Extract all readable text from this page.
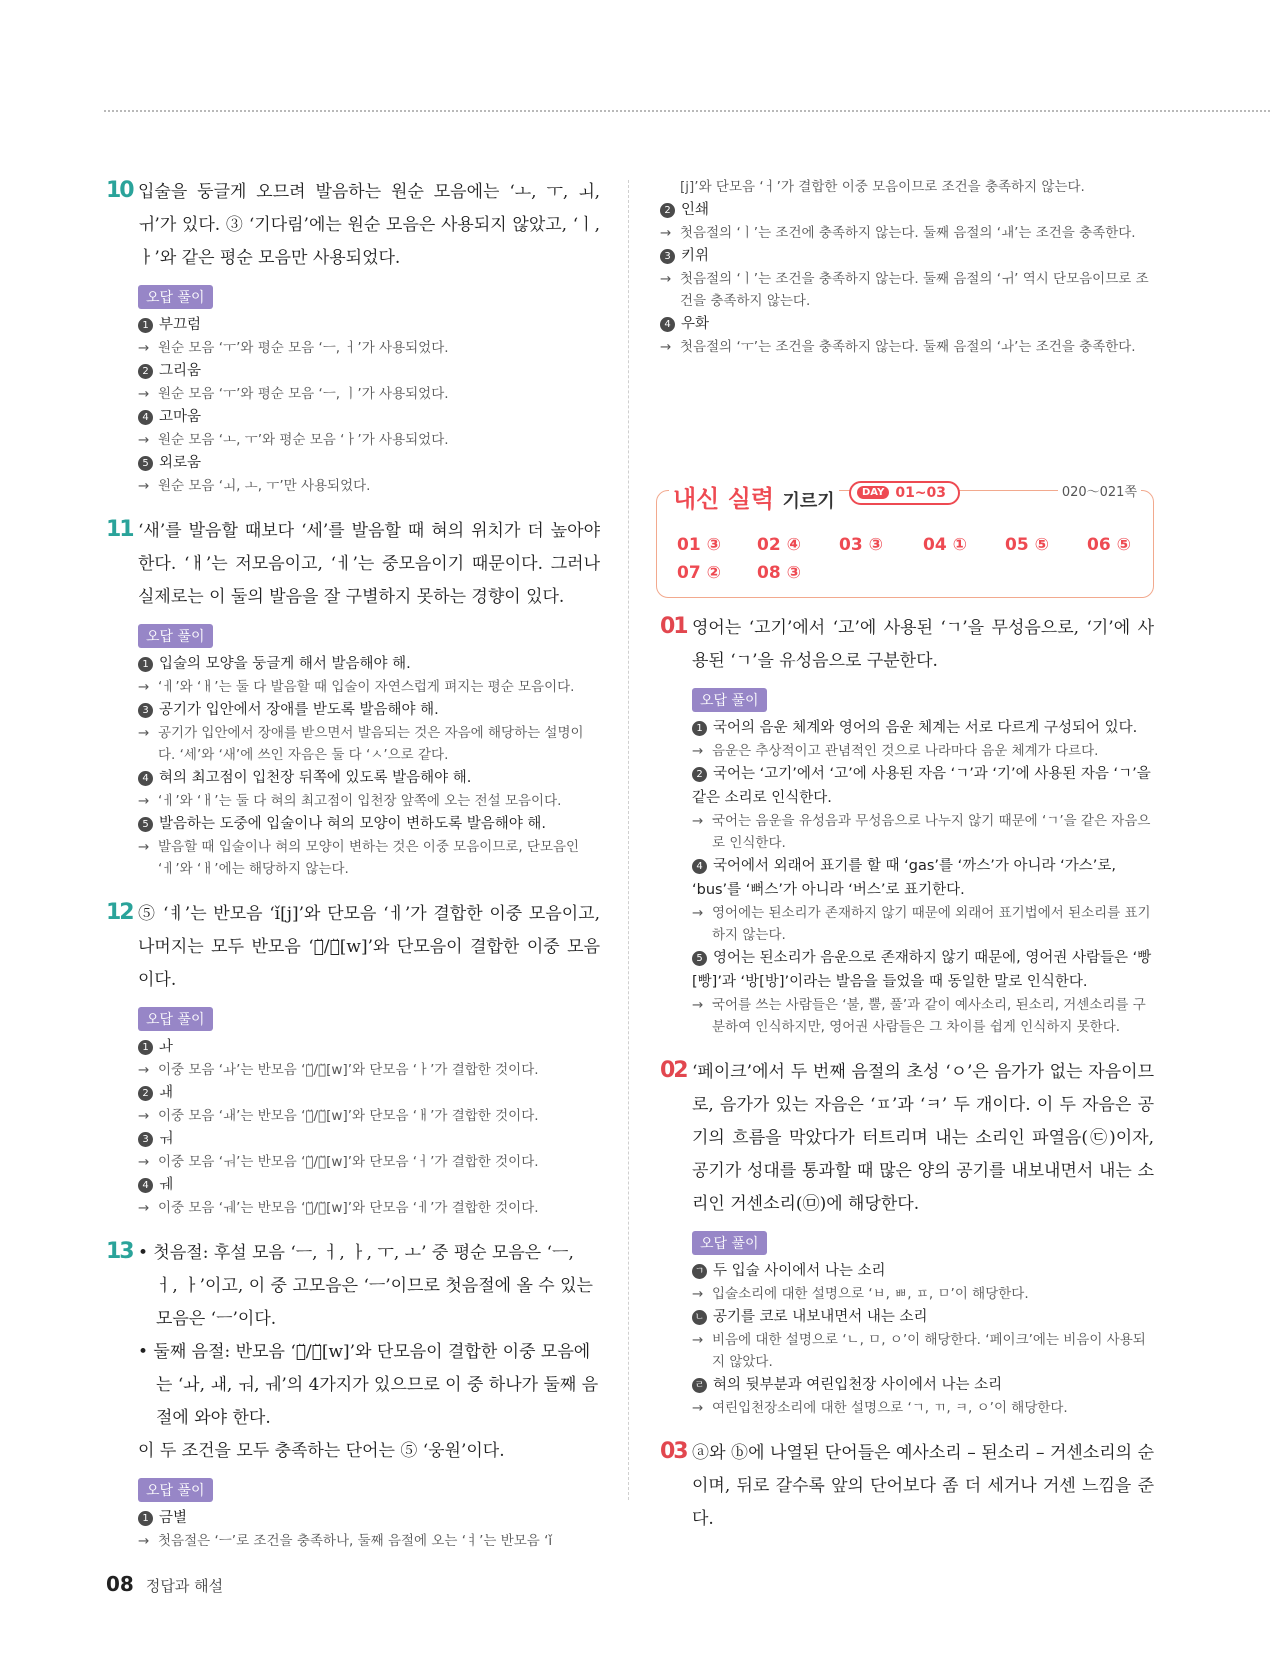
10 입술을 둥글게 오므려 발음하는 원순 모음에는 ‘ㅗ, ㅜ, ㅚ, ㅟ’가 있다. ③ ‘기다림’에는 원순 모음은 사용되지 않았고, ‘ㅣ, ㅏ’와 같은 평순 모음만 사용되었다.
오답 풀이
1 부끄럼
→ 원순 모음 ‘ㅜ’와 평순 모음 ‘ㅡ, ㅓ’가 사용되었다.
2 그리움
→ 원순 모음 ‘ㅜ’와 평순 모음 ‘ㅡ, ㅣ’가 사용되었다.
4 고마움
→ 원순 모음 ‘ㅗ, ㅜ’와 평순 모음 ‘ㅏ’가 사용되었다.
5 외로움
→ 원순 모음 ‘ㅚ, ㅗ, ㅜ’만 사용되었다.
11 ‘새’를 발음할 때보다 ‘세’를 발음할 때 혀의 위치가 더 높아야 한다. ‘ㅐ’는 저모음이고, ‘ㅔ’는 중모음이기 때문이다. 그러나 실제로는 이 둘의 발음을 잘 구별하지 못하는 경향이 있다.
오답 풀이
1 입술의 모양을 둥글게 해서 발음해야 해.
→ ‘ㅔ’와 ‘ㅐ’는 둘 다 발음할 때 입술이 자연스럽게 펴지는 평순 모음이다.
3 공기가 입안에서 장애를 받도록 발음해야 해.
→ 공기가 입안에서 장애를 받으면서 발음되는 것은 자음에 해당하는 설명이다. ‘세’와 ‘새’에 쓰인 자음은 둘 다 ‘ㅅ’으로 같다.
4 혀의 최고점이 입천장 뒤쪽에 있도록 발음해야 해.
→ ‘ㅔ’와 ‘ㅐ’는 둘 다 혀의 최고점이 입천장 앞쪽에 오는 전설 모음이다.
5 발음하는 도중에 입술이나 혀의 모양이 변하도록 발음해야 해.
→ 발음할 때 입술이나 혀의 모양이 변하는 것은 이중 모음이므로, 단모음인 ‘ㅔ’와 ‘ㅐ’에는 해당하지 않는다.
12 ⑤ ‘ㅖ’는 반모음 ‘ǐ[j]’와 단모음 ‘ㅔ’가 결합한 이중 모음이고, 나머지는 모두 반모음 ‘ㅗ̆/ㅜ̆[w]’와 단모음이 결합한 이중 모음이다.
오답 풀이
1 ㅘ
→ 이중 모음 ‘ㅘ’는 반모음 ‘ㅗ̆/ㅜ̆[w]’와 단모음 ‘ㅏ’가 결합한 것이다.
2 ㅙ
→ 이중 모음 ‘ㅙ’는 반모음 ‘ㅗ̆/ㅜ̆[w]’와 단모음 ‘ㅐ’가 결합한 것이다.
3 ㅝ
→ 이중 모음 ‘ㅝ’는 반모음 ‘ㅗ̆/ㅜ̆[w]’와 단모음 ‘ㅓ’가 결합한 것이다.
4 ㅞ
→ 이중 모음 ‘ㅞ’는 반모음 ‘ㅗ̆/ㅜ̆[w]’와 단모음 ‘ㅔ’가 결합한 것이다.
13 • 첫음절: 후설 모음 ‘ㅡ, ㅓ, ㅏ, ㅜ, ㅗ’ 중 평순 모음은 ‘ㅡ, ㅓ, ㅏ’이고, 이 중 고모음은 ‘ㅡ’이므로 첫음절에 올 수 있는 모음은 ‘ㅡ’이다.
• 둘째 음절: 반모음 ‘ㅗ̆/ㅜ̆[w]’와 단모음이 결합한 이중 모음에는 ‘ㅘ, ㅙ, ㅝ, ㅞ’의 4가지가 있으므로 이 중 하나가 둘째 음절에 와야 한다.
이 두 조건을 모두 충족하는 단어는 ⑤ ‘웅원’이다.
오답 풀이
1 금별
→ 첫음절은 ‘ㅡ’로 조건을 충족하나, 둘째 음절에 오는 ‘ㅕ’는 반모음 ‘ǐ
[j]’와 단모음 ‘ㅓ’가 결합한 이중 모음이므로 조건을 충족하지 않는다.
2 인쇄
→ 첫음절의 ‘ㅣ’는 조건에 충족하지 않는다. 둘째 음절의 ‘ㅙ’는 조건을 충족한다.
3 키위
→ 첫음절의 ‘ㅣ’는 조건을 충족하지 않는다. 둘째 음절의 ‘ㅟ’ 역시 단모음이므로 조건을 충족하지 않는다.
4 우화
→ 첫음절의 ‘ㅜ’는 조건을 충족하지 않는다. 둘째 음절의 ‘ㅘ’는 조건을 충족한다.
내신 실력 기르기	DAY 01~03	020～021쪽
01 ③ 02 ④ 03 ③ 04 ① 05 ⑤ 06 ⑤
07 ② 08 ③
01 영어는 ‘고기’에서 ‘고’에 사용된 ‘ㄱ’을 무성음으로, ‘기’에 사용된 ‘ㄱ’을 유성음으로 구분한다.
오답 풀이
1 국어의 음운 체계와 영어의 음운 체계는 서로 다르게 구성되어 있다.
→ 음운은 추상적이고 관념적인 것으로 나라마다 음운 체계가 다르다.
2 국어는 ‘고기’에서 ‘고’에 사용된 자음 ‘ㄱ’과 ‘기’에 사용된 자음 ‘ㄱ’을 같은 소리로 인식한다.
→ 국어는 음운을 유성음과 무성음으로 나누지 않기 때문에 ‘ㄱ’을 같은 자음으로 인식한다.
4 국어에서 외래어 표기를 할 때 ‘gas’를 ‘까스’가 아니라 ‘가스’로, ‘bus’를 ‘뻐스’가 아니라 ‘버스’로 표기한다.
→ 영어에는 된소리가 존재하지 않기 때문에 외래어 표기법에서 된소리를 표기하지 않는다.
5 영어는 된소리가 음운으로 존재하지 않기 때문에, 영어권 사람들은 ‘빵[빵]’과 ‘방[방]’이라는 발음을 들었을 때 동일한 말로 인식한다.
→ 국어를 쓰는 사람들은 ‘불, 뿔, 풀’과 같이 예사소리, 된소리, 거센소리를 구분하여 인식하지만, 영어권 사람들은 그 차이를 쉽게 인식하지 못한다.
02 ‘페이크’에서 두 번째 음절의 초성 ‘ㅇ’은 음가가 없는 자음이므로, 음가가 있는 자음은 ‘ㅍ’과 ‘ㅋ’ 두 개이다. 이 두 자음은 공기의 흐름을 막았다가 터트리며 내는 소리인 파열음(㉢)이자, 공기가 성대를 통과할 때 많은 양의 공기를 내보내면서 내는 소리인 거센소리(㉤)에 해당한다.
오답 풀이
ㄱ 두 입술 사이에서 나는 소리
→ 입술소리에 대한 설명으로 ‘ㅂ, ㅃ, ㅍ, ㅁ’이 해당한다.
ㄴ 공기를 코로 내보내면서 내는 소리
→ 비음에 대한 설명으로 ‘ㄴ, ㅁ, ㅇ’이 해당한다. ‘페이크’에는 비음이 사용되지 않았다.
ㄹ 혀의 뒷부분과 여린입천장 사이에서 나는 소리
→ 여린입천장소리에 대한 설명으로 ‘ㄱ, ㄲ, ㅋ, ㅇ’이 해당한다.
03 ⓐ와 ⓑ에 나열된 단어들은 예사소리 – 된소리 – 거센소리의 순이며, 뒤로 갈수록 앞의 단어보다 좀 더 세거나 거센 느낌을 준다.
08 정답과 해설
